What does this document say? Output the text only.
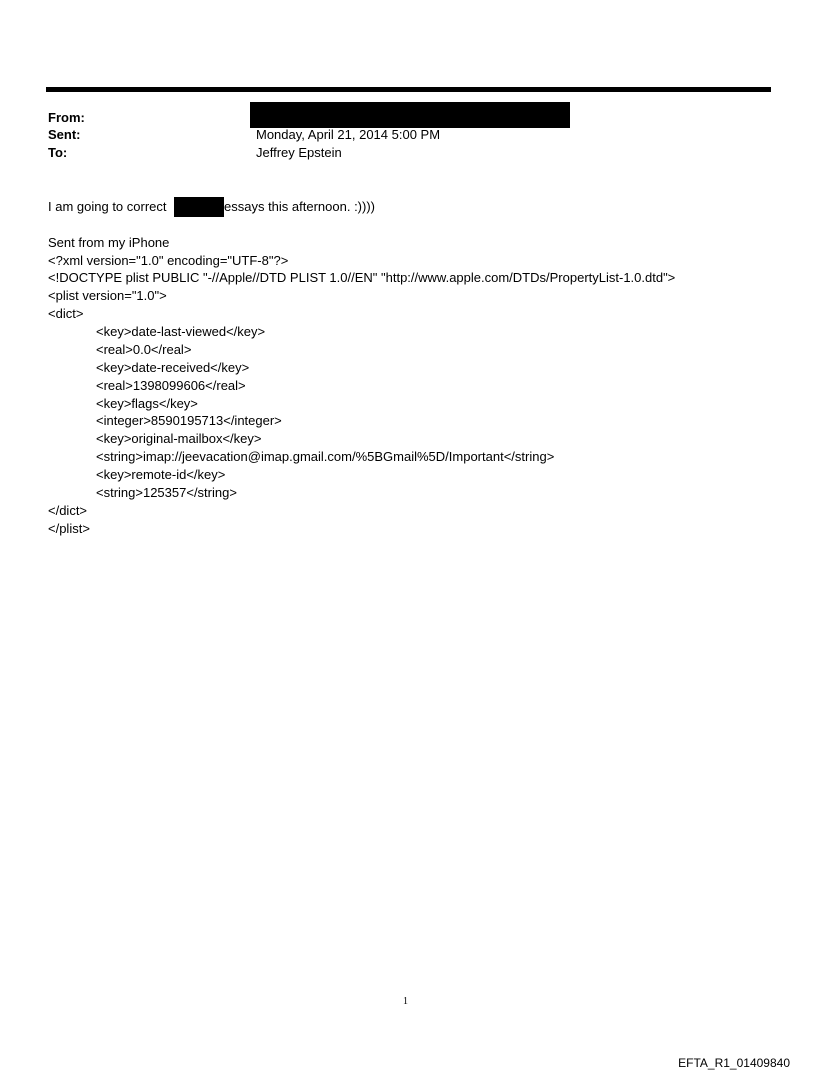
From:
Sent:	Monday, April 21, 2014 5:00 PM
To:	Jeffrey Epstein
I am going to correct	essays this afternoon. :))))
Sent from my iPhone
<?xml version="1.0" encoding="UTF-8"?>
<!DOCTYPE plist PUBLIC "-//Apple//DTD PLIST 1.0//EN" "http://www.apple.com/DTDs/PropertyList-1.0.dtd">
<plist version="1.0">
<dict>
<key>date-last-viewed</key>
<real>0.0</real>
<key>date-received</key>
<real>1398099606</real>
<key>flags</key>
<integer>8590195713</integer>
<key>original-mailbox</key>
<string>imap://jeevacation@imap.gmail.com/%5BGmail%5D/Important</string>
<key>remote-id</key>
<string>125357</string>
</dict>
</plist>
1
EFTA_R1_01409840
